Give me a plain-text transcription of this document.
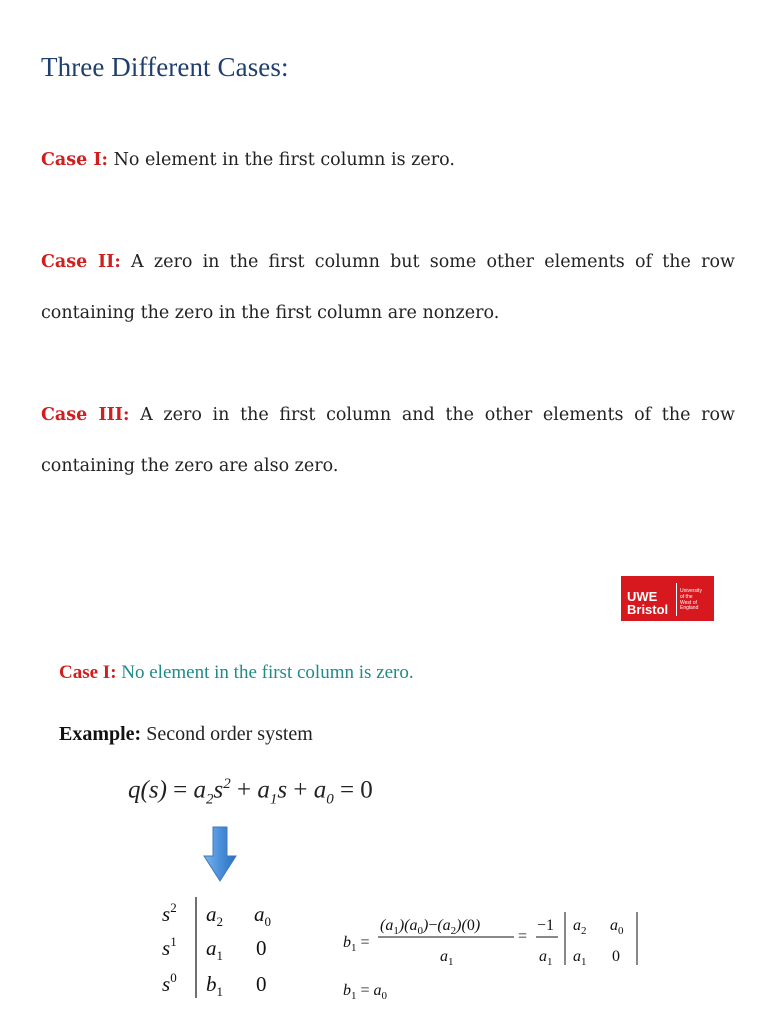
Three Different Cases:
Case I: No element in the first column is zero.
Case II: A zero in the first column but some other elements of the row containing the zero in the first column are nonzero.
Case III: A zero in the first column and the other elements of the row containing the zero are also zero.
UWE
Bristol
University
of the
West of
England
Case I: No element in the first column is zero.
Example: Second order system
$q(s) = a_2s^2 + a_1s + a_0 = 0$
$s^2$
$s^1$
$s^0$
$a_2$ $a_0$
$a_1$ 0
$b_1$ 0
$b_1$ =
$(a_1)(a_0)-(a_2)(0)$
$a_1$
=
−1
$a_1$
$a_2$ $a_0$
$a_1$ 0
$b_1 = a_0$
